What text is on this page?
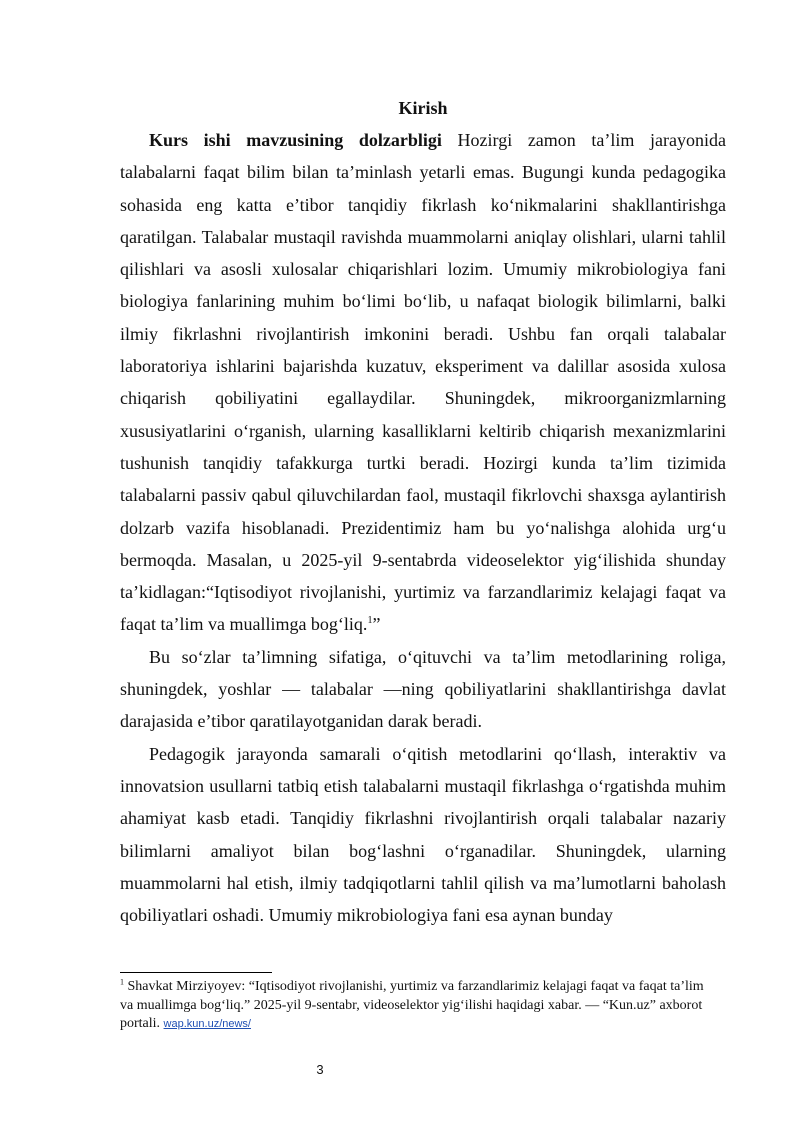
Kirish

Kurs ishi mavzusining dolzarbligi Hozirgi zamon ta’lim jarayonida talabalarni faqat bilim bilan ta’minlash yetarli emas. Bugungi kunda pedagogika sohasida eng katta e’tibor tanqidiy fikrlash ko‘nikmalarini shakllantirishga qaratilgan. Talabalar mustaqil ravishda muammolarni aniqlay olishlari, ularni tahlil qilishlari va asosli xulosalar chiqarishlari lozim. Umumiy mikrobiologiya fani biologiya fanlarining muhim bo‘limi bo‘lib, u nafaqat biologik bilimlarni, balki ilmiy fikrlashni rivojlantirish imkonini beradi. Ushbu fan orqali talabalar laboratoriya ishlarini bajarishda kuzatuv, eksperiment va dalillar asosida xulosa chiqarish qobiliyatini egallaydilar. Shuningdek, mikroorganizmlarning xususiyatlarini o‘rganish, ularning kasalliklarni keltirib chiqarish mexanizmlarini tushunish tanqidiy tafakkurga turtki beradi. Hozirgi kunda ta’lim tizimida talabalarni passiv qabul qiluvchilardan faol, mustaqil fikrlovchi shaxsga aylantirish dolzarb vazifa hisoblanadi. Prezidentimiz ham bu yo‘nalishga alohida urg‘u bermoqda. Masalan, u 2025-yil 9-sentabrda videoselektor yig‘ilishida shunday ta’kidlagan:“Iqtisodiyot rivojlanishi, yurtimiz va farzandlarimiz kelajagi faqat va faqat ta’lim va muallimga bog‘liq.$^1$”

Bu so‘zlar ta’limning sifatiga, o‘qituvchi va ta’lim metodlarining roliga, shuningdek, yoshlar — talabalar —ning qobiliyatlarini shakllantirishga davlat darajasida e’tibor qaratilayotganidan darak beradi.

Pedagogik jarayonda samarali o‘qitish metodlarini qo‘llash, interaktiv va innovatsion usullarni tatbiq etish talabalarni mustaqil fikrlashga o‘rgatishda muhim ahamiyat kasb etadi. Tanqidiy fikrlashni rivojlantirish orqali talabalar nazariy bilimlarni amaliyot bilan bog‘lashni o‘rganadilar. Shuningdek, ularning muammolarni hal etish, ilmiy tadqiqotlarni tahlil qilish va ma’lumotlarni baholash qobiliyatlari oshadi. Umumiy mikrobiologiya fani esa aynan bunday

$^1$ Shavkat Mirziyoyev: “Iqtisodiyot rivojlanishi, yurtimiz va farzandlarimiz kelajagi faqat va faqat ta’lim va muallimga bog‘liq.” 2025-yil 9-sentabr, videoselektor yig‘ilishi haqidagi xabar. — “Kun.uz” axborot portali. wap.kun.uz/news/
3
